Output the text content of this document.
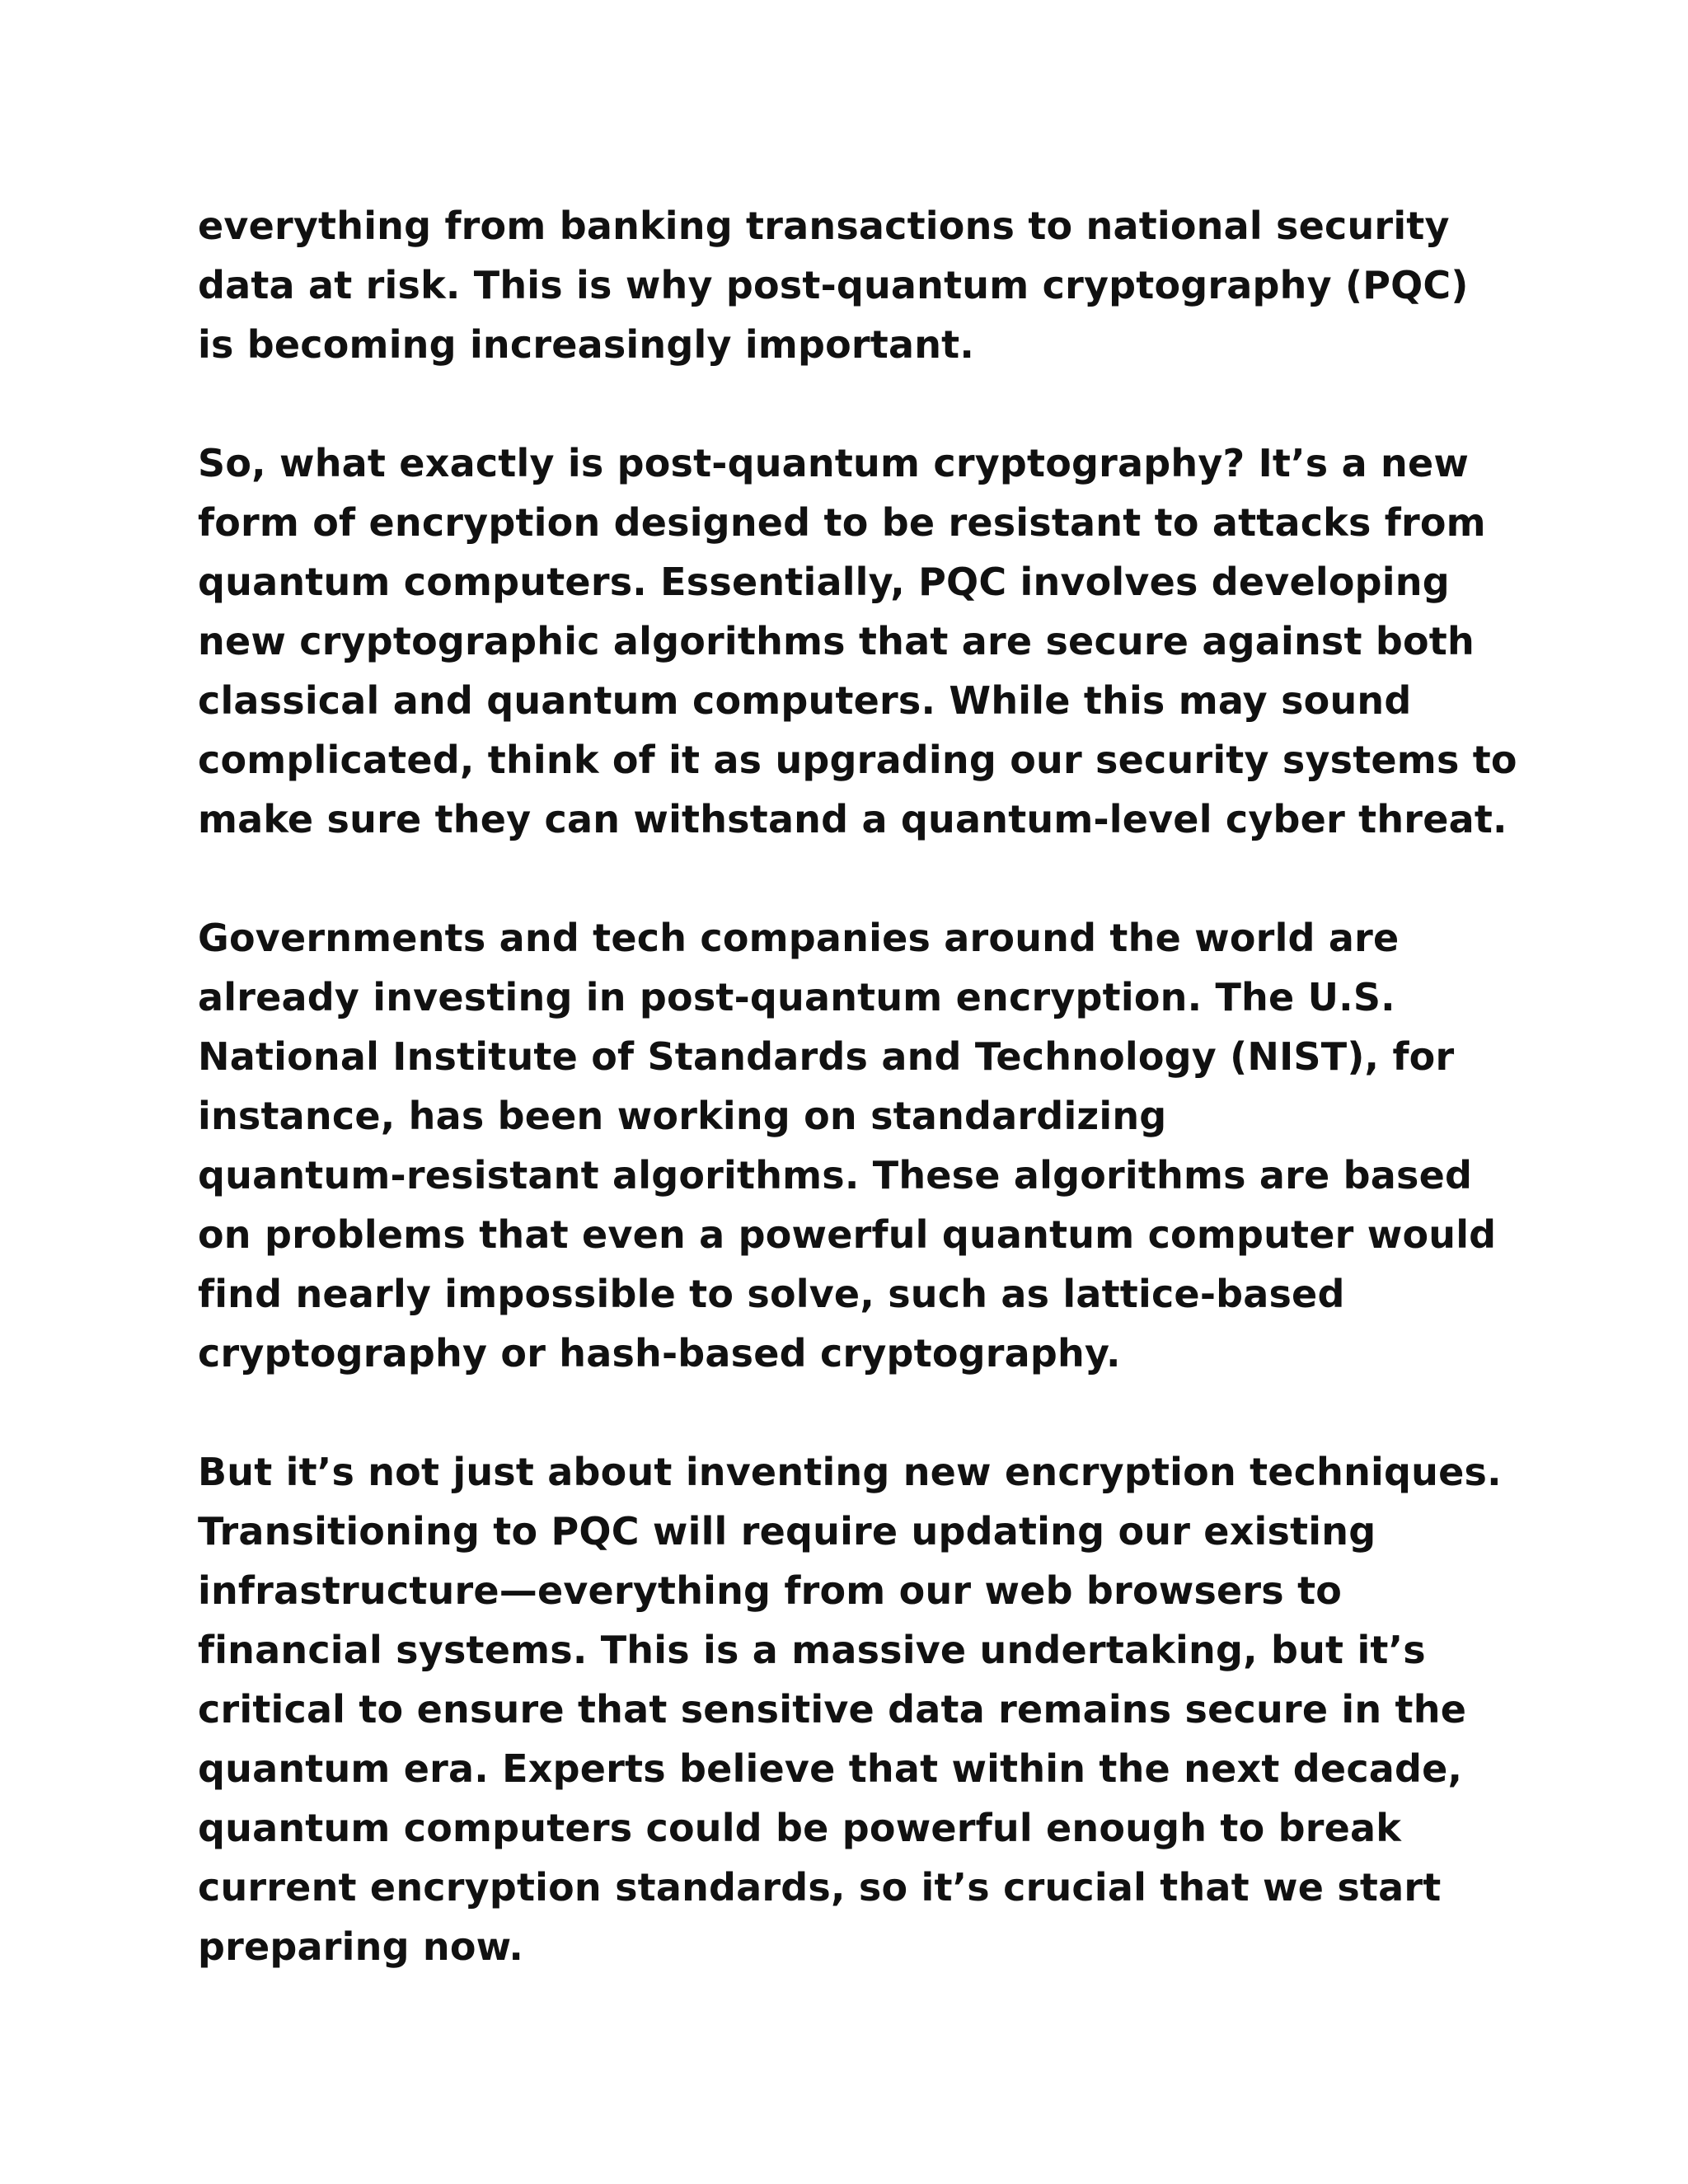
everything from banking transactions to national security
data at risk. This is why post-quantum cryptography (PQC)
is becoming increasingly important.

So, what exactly is post-quantum cryptography? It’s a new
form of encryption designed to be resistant to attacks from
quantum computers. Essentially, PQC involves developing
new cryptographic algorithms that are secure against both
classical and quantum computers. While this may sound
complicated, think of it as upgrading our security systems to
make sure they can withstand a quantum-level cyber threat.

Governments and tech companies around the world are
already investing in post-quantum encryption. The U.S.
National Institute of Standards and Technology (NIST), for
instance, has been working on standardizing
quantum-resistant algorithms. These algorithms are based
on problems that even a powerful quantum computer would
find nearly impossible to solve, such as lattice-based
cryptography or hash-based cryptography.

But it’s not just about inventing new encryption techniques.
Transitioning to PQC will require updating our existing
infrastructure—everything from our web browsers to
financial systems. This is a massive undertaking, but it’s
critical to ensure that sensitive data remains secure in the
quantum era. Experts believe that within the next decade,
quantum computers could be powerful enough to break
current encryption standards, so it’s crucial that we start
preparing now.
